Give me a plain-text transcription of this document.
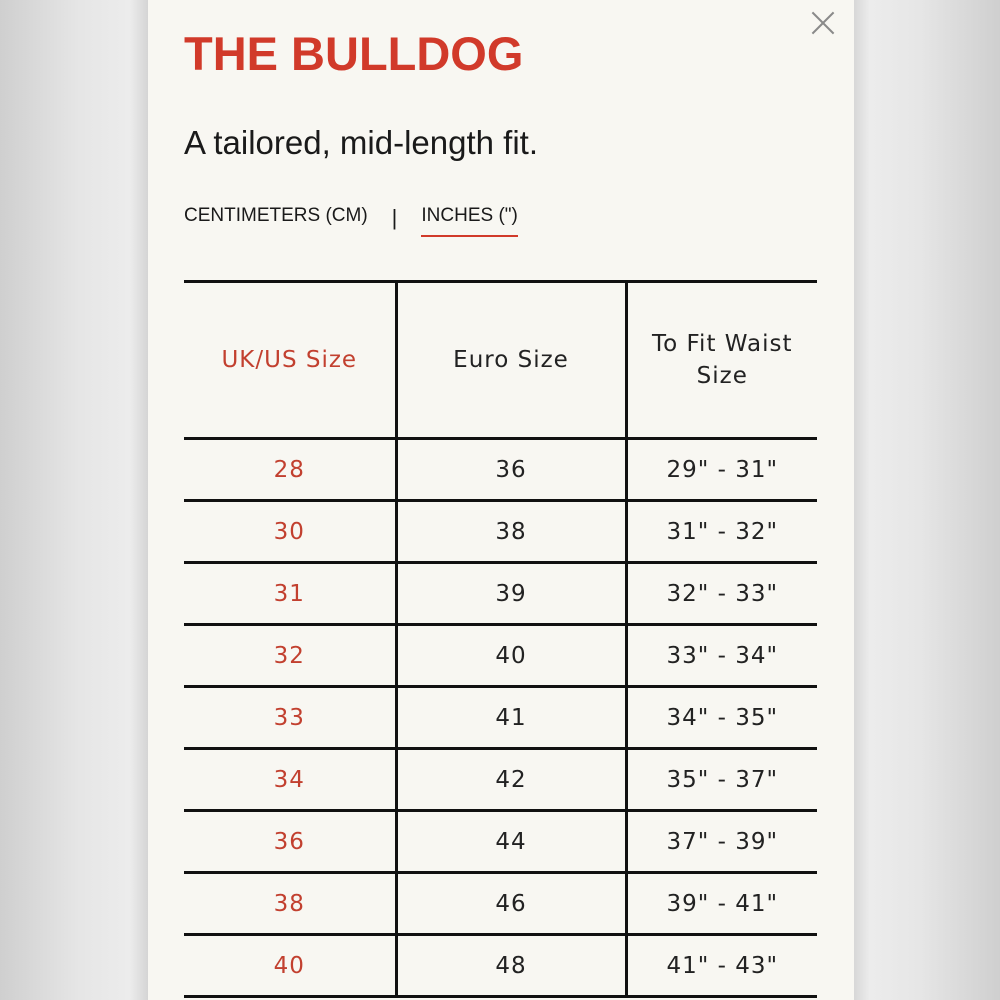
THE BULLDOG
A tailored, mid-length fit.
CENTIMETERS (CM) | INCHES (")
UK/US Size	Euro Size	To Fit Waist Size
28	36	29" - 31"
30	38	31" - 32"
31	39	32" - 33"
32	40	33" - 34"
33	41	34" - 35"
34	42	35" - 37"
36	44	37" - 39"
38	46	39" - 41"
40	48	41" - 43"
